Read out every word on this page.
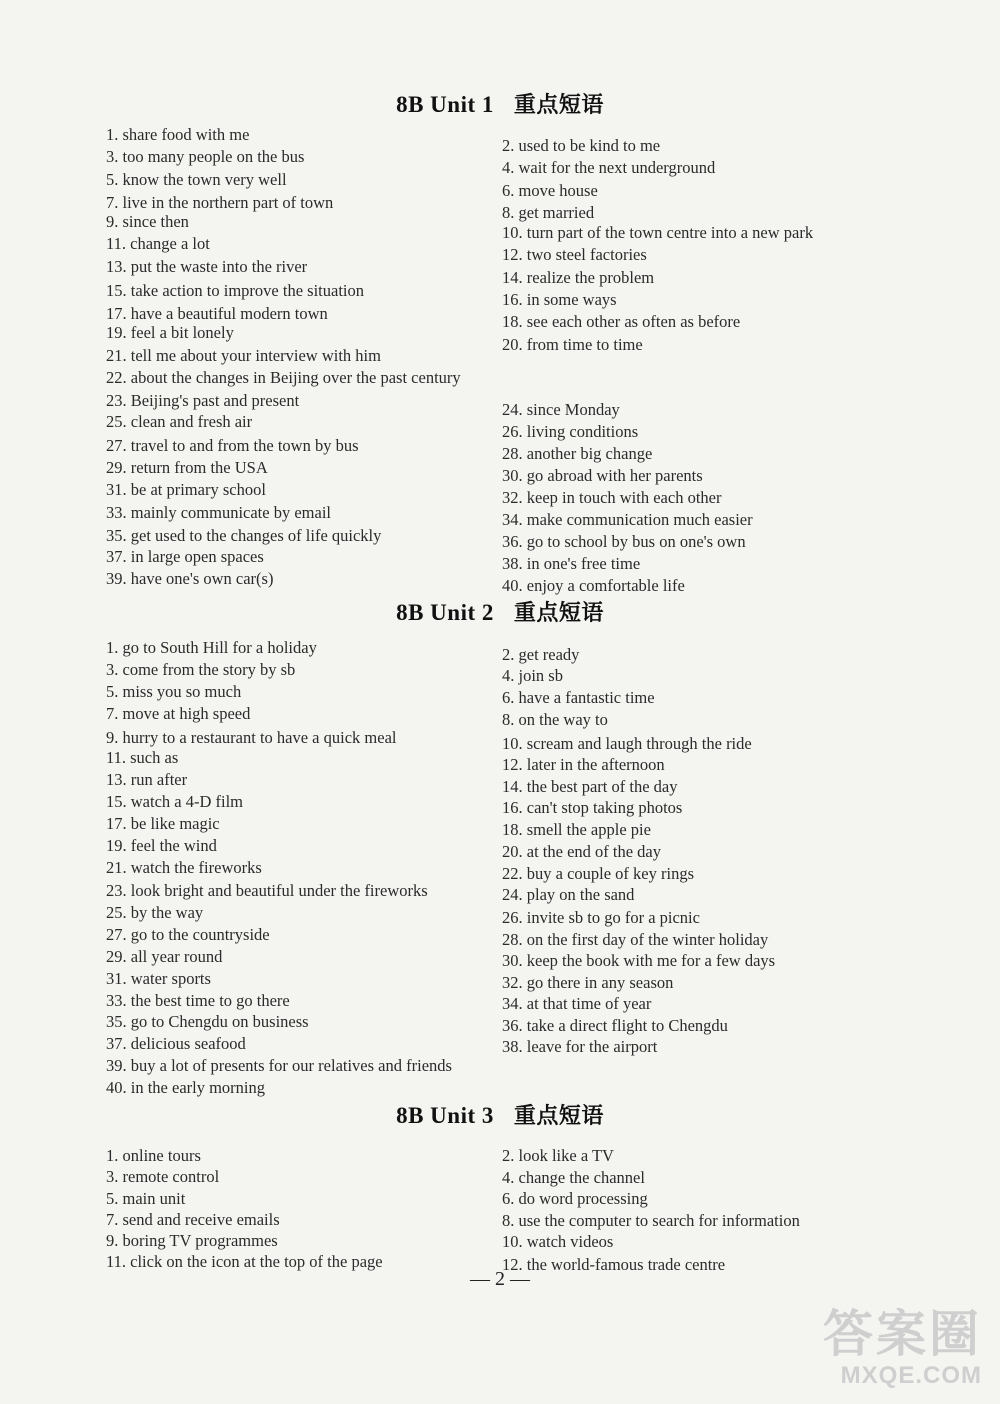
8B Unit 1 重点短语
1. share food with me
3. too many people on the bus
5. know the town very well
7. live in the northern part of town
9. since then
11. change a lot
13. put the waste into the river
15. take action to improve the situation
17. have a beautiful modern town
19. feel a bit lonely
21. tell me about your interview with him
22. about the changes in Beijing over the past century
23. Beijing's past and present
25. clean and fresh air
27. travel to and from the town by bus
29. return from the USA
31. be at primary school
33. mainly communicate by email
35. get used to the changes of life quickly
37. in large open spaces
39. have one's own car(s)
2. used to be kind to me
4. wait for the next underground
6. move house
8. get married
10. turn part of the town centre into a new park
12. two steel factories
14. realize the problem
16. in some ways
18. see each other as often as before
20. from time to time
24. since Monday
26. living conditions
28. another big change
30. go abroad with her parents
32. keep in touch with each other
34. make communication much easier
36. go to school by bus on one's own
38. in one's free time
40. enjoy a comfortable life
8B Unit 2 重点短语
1. go to South Hill for a holiday
3. come from the story by sb
5. miss you so much
7. move at high speed
9. hurry to a restaurant to have a quick meal
11. such as
13. run after
15. watch a 4-D film
17. be like magic
19. feel the wind
21. watch the fireworks
23. look bright and beautiful under the fireworks
25. by the way
27. go to the countryside
29. all year round
31. water sports
33. the best time to go there
35. go to Chengdu on business
37. delicious seafood
39. buy a lot of presents for our relatives and friends
40. in the early morning
2. get ready
4. join sb
6. have a fantastic time
8. on the way to
10. scream and laugh through the ride
12. later in the afternoon
14. the best part of the day
16. can't stop taking photos
18. smell the apple pie
20. at the end of the day
22. buy a couple of key rings
24. play on the sand
26. invite sb to go for a picnic
28. on the first day of the winter holiday
30. keep the book with me for a few days
32. go there in any season
34. at that time of year
36. take a direct flight to Chengdu
38. leave for the airport
8B Unit 3 重点短语
1. online tours
3. remote control
5. main unit
7. send and receive emails
9. boring TV programmes
11. click on the icon at the top of the page
2. look like a TV
4. change the channel
6. do word processing
8. use the computer to search for information
10. watch videos
12. the world-famous trade centre
— 2 —
答案圈
MXQE.COM
